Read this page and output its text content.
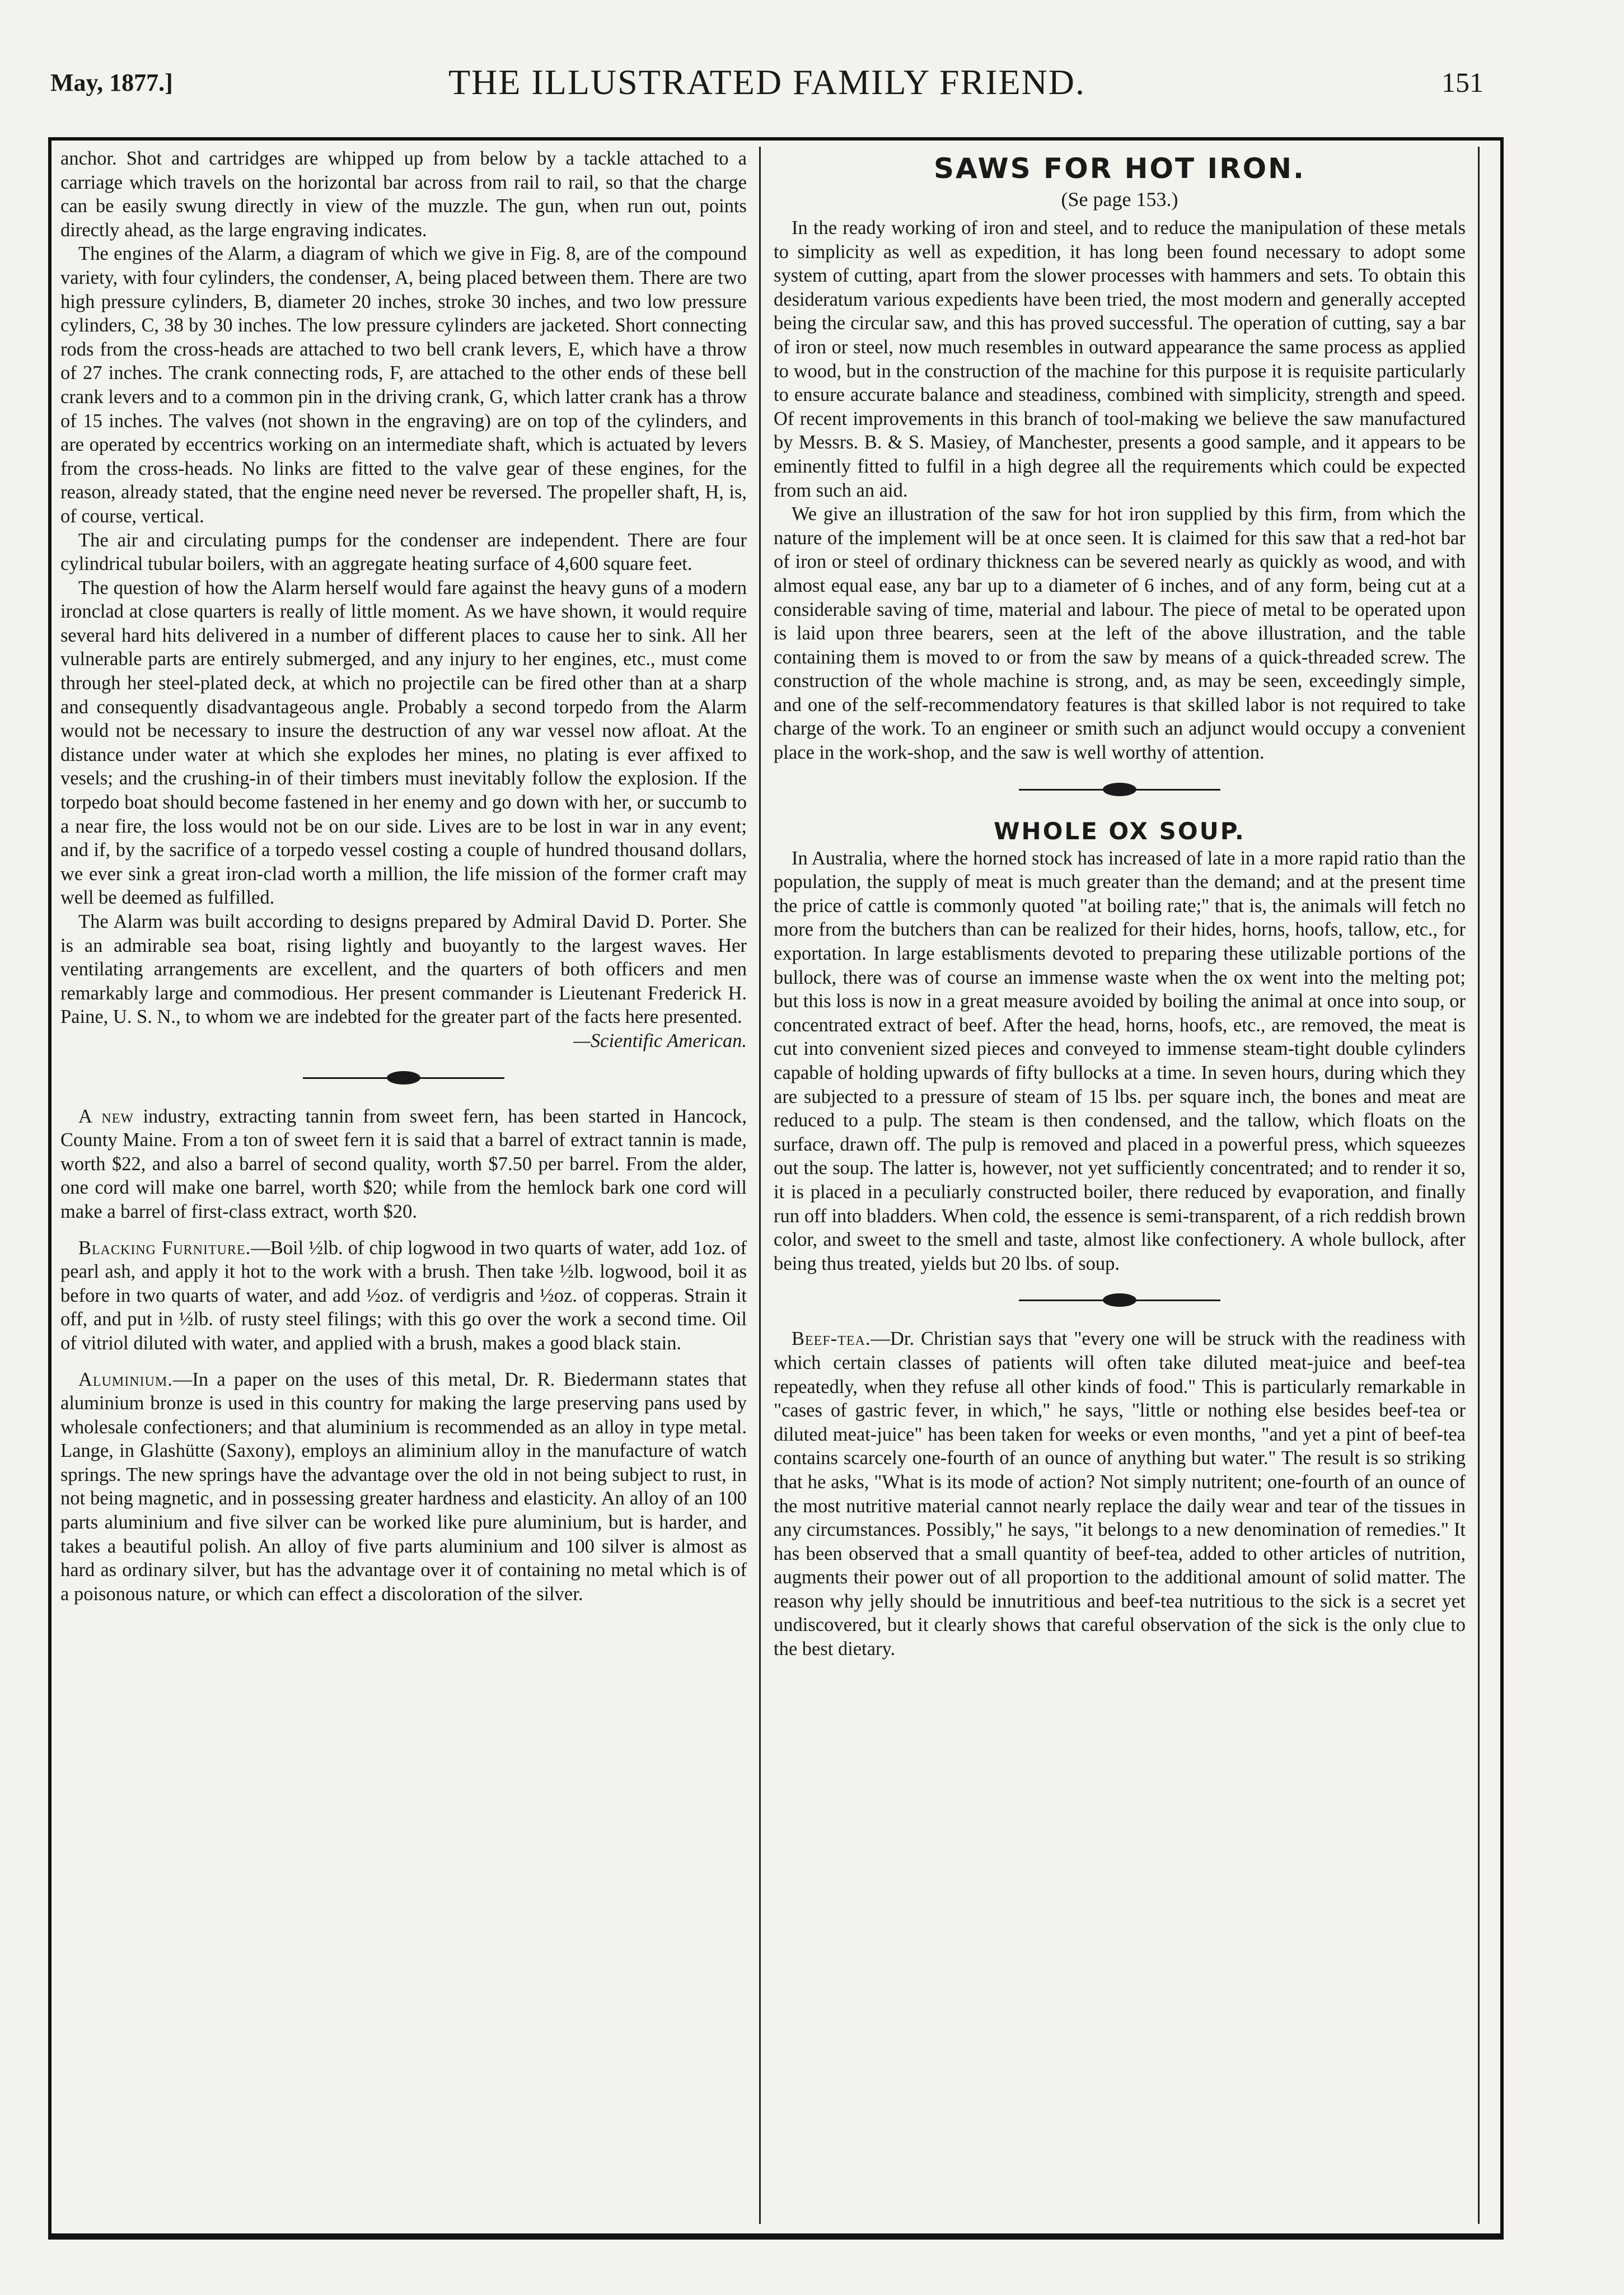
May, 1877.]	THE ILLUSTRATED FAMILY FRIEND.	151

anchor. Shot and cartridges are whipped up from below by a tackle attached to a carriage which travels on the horizontal bar across from rail to rail, so that the charge can be easily swung directly in view of the muzzle. The gun, when run out, points directly ahead, as the large engraving indicates.

The engines of the Alarm, a diagram of which we give in Fig. 8, are of the compound variety, with four cylinders, the condenser, A, being placed between them. There are two high pressure cylinders, B, diameter 20 inches, stroke 30 inches, and two low pressure cylinders, C, 38 by 30 inches. The low pressure cylinders are jacketed. Short connecting rods from the cross-heads are attached to two bell crank levers, E, which have a throw of 27 inches. The crank connecting rods, F, are attached to the other ends of these bell crank levers and to a common pin in the driving crank, G, which latter crank has a throw of 15 inches. The valves (not shown in the engraving) are on top of the cylinders, and are operated by eccentrics working on an intermediate shaft, which is actuated by levers from the cross-heads. No links are fitted to the valve gear of these engines, for the reason, already stated, that the engine need never be reversed. The propeller shaft, H, is, of course, vertical.

The air and circulating pumps for the condenser are independent. There are four cylindrical tubular boilers, with an aggregate heating surface of 4,600 square feet.

The question of how the Alarm herself would fare against the heavy guns of a modern ironclad at close quarters is really of little moment. As we have shown, it would require several hard hits delivered in a number of different places to cause her to sink. All her vulnerable parts are entirely submerged, and any injury to her engines, etc., must come through her steel-plated deck, at which no projectile can be fired other than at a sharp and consequently disadvantageous angle. Probably a second torpedo from the Alarm would not be necessary to insure the destruction of any war vessel now afloat. At the distance under water at which she explodes her mines, no plating is ever affixed to vesels; and the crushing-in of their timbers must inevitably follow the explosion. If the torpedo boat should become fastened in her enemy and go down with her, or succumb to a near fire, the loss would not be on our side. Lives are to be lost in war in any event; and if, by the sacrifice of a torpedo vessel costing a couple of hundred thousand dollars, we ever sink a great iron-clad worth a million, the life mission of the former craft may well be deemed as fulfilled.

The Alarm was built according to designs prepared by Admiral David D. Porter. She is an admirable sea boat, rising lightly and buoyantly to the largest waves. Her ventilating arrangements are excellent, and the quarters of both officers and men remarkably large and commodious. Her present commander is Lieutenant Frederick H. Paine, U. S. N., to whom we are indebted for the greater part of the facts here presented.

—Scientific American.

A new industry, extracting tannin from sweet fern, has been started in Hancock, County Maine. From a ton of sweet fern it is said that a barrel of extract tannin is made, worth $22, and also a barrel of second quality, worth $7.50 per barrel. From the alder, one cord will make one barrel, worth $20; while from the hemlock bark one cord will make a barrel of first-class extract, worth $20.

Blacking Furniture.—Boil ½lb. of chip logwood in two quarts of water, add 1oz. of pearl ash, and apply it hot to the work with a brush. Then take ½lb. logwood, boil it as before in two quarts of water, and add ½oz. of verdigris and ½oz. of copperas. Strain it off, and put in ½lb. of rusty steel filings; with this go over the work a second time. Oil of vitriol diluted with water, and applied with a brush, makes a good black stain.

Aluminium.—In a paper on the uses of this metal, Dr. R. Biedermann states that aluminium bronze is used in this country for making the large preserving pans used by wholesale confectioners; and that aluminium is recommended as an alloy in type metal. Lange, in Glashütte (Saxony), employs an aliminium alloy in the manufacture of watch springs. The new springs have the advantage over the old in not being subject to rust, in not being magnetic, and in possessing greater hardness and elasticity. An alloy of an 100 parts aluminium and five silver can be worked like pure aluminium, but is harder, and takes a beautiful polish. An alloy of five parts aluminium and 100 silver is almost as hard as ordinary silver, but has the advantage over it of containing no metal which is of a poisonous nature, or which can effect a discoloration of the silver.

SAWS FOR HOT IRON.
(Se page 153.)

In the ready working of iron and steel, and to reduce the manipulation of these metals to simplicity as well as expedition, it has long been found necessary to adopt some system of cutting, apart from the slower processes with hammers and sets. To obtain this desideratum various expedients have been tried, the most modern and generally accepted being the circular saw, and this has proved successful. The operation of cutting, say a bar of iron or steel, now much resembles in outward appearance the same process as applied to wood, but in the construction of the machine for this purpose it is requisite particularly to ensure accurate balance and steadiness, combined with simplicity, strength and speed. Of recent improvements in this branch of tool-making we believe the saw manufactured by Messrs. B. & S. Masiey, of Manchester, presents a good sample, and it appears to be eminently fitted to fulfil in a high degree all the requirements which could be expected from such an aid.

We give an illustration of the saw for hot iron supplied by this firm, from which the nature of the implement will be at once seen. It is claimed for this saw that a red-hot bar of iron or steel of ordinary thickness can be severed nearly as quickly as wood, and with almost equal ease, any bar up to a diameter of 6 inches, and of any form, being cut at a considerable saving of time, material and labour. The piece of metal to be operated upon is laid upon three bearers, seen at the left of the above illustration, and the table containing them is moved to or from the saw by means of a quick-threaded screw. The construction of the whole machine is strong, and, as may be seen, exceedingly simple, and one of the self-recommendatory features is that skilled labor is not required to take charge of the work. To an engineer or smith such an adjunct would occupy a convenient place in the work-shop, and the saw is well worthy of attention.

WHOLE OX SOUP.

In Australia, where the horned stock has increased of late in a more rapid ratio than the population, the supply of meat is much greater than the demand; and at the present time the price of cattle is commonly quoted "at boiling rate;" that is, the animals will fetch no more from the butchers than can be realized for their hides, horns, hoofs, tallow, etc., for exportation. In large establisments devoted to preparing these utilizable portions of the bullock, there was of course an immense waste when the ox went into the melting pot; but this loss is now in a great measure avoided by boiling the animal at once into soup, or concentrated extract of beef. After the head, horns, hoofs, etc., are removed, the meat is cut into convenient sized pieces and conveyed to immense steam-tight double cylinders capable of holding upwards of fifty bullocks at a time. In seven hours, during which they are subjected to a pressure of steam of 15 lbs. per square inch, the bones and meat are reduced to a pulp. The steam is then condensed, and the tallow, which floats on the surface, drawn off. The pulp is removed and placed in a powerful press, which squeezes out the soup. The latter is, however, not yet sufficiently concentrated; and to render it so, it is placed in a peculiarly constructed boiler, there reduced by evaporation, and finally run off into bladders. When cold, the essence is semi-transparent, of a rich reddish brown color, and sweet to the smell and taste, almost like confectionery. A whole bullock, after being thus treated, yields but 20 lbs. of soup.

Beef-tea.—Dr. Christian says that "every one will be struck with the readiness with which certain classes of patients will often take diluted meat-juice and beef-tea repeatedly, when they refuse all other kinds of food." This is particularly remarkable in "cases of gastric fever, in which," he says, "little or nothing else besides beef-tea or diluted meat-juice" has been taken for weeks or even months, "and yet a pint of beef-tea contains scarcely one-fourth of an ounce of anything but water." The result is so striking that he asks, "What is its mode of action? Not simply nutritent; one-fourth of an ounce of the most nutritive material cannot nearly replace the daily wear and tear of the tissues in any circumstances. Possibly," he says, "it belongs to a new denomination of remedies." It has been observed that a small quantity of beef-tea, added to other articles of nutrition, augments their power out of all proportion to the additional amount of solid matter. The reason why jelly should be innutritious and beef-tea nutritious to the sick is a secret yet undiscovered, but it clearly shows that careful observation of the sick is the only clue to the best dietary.
